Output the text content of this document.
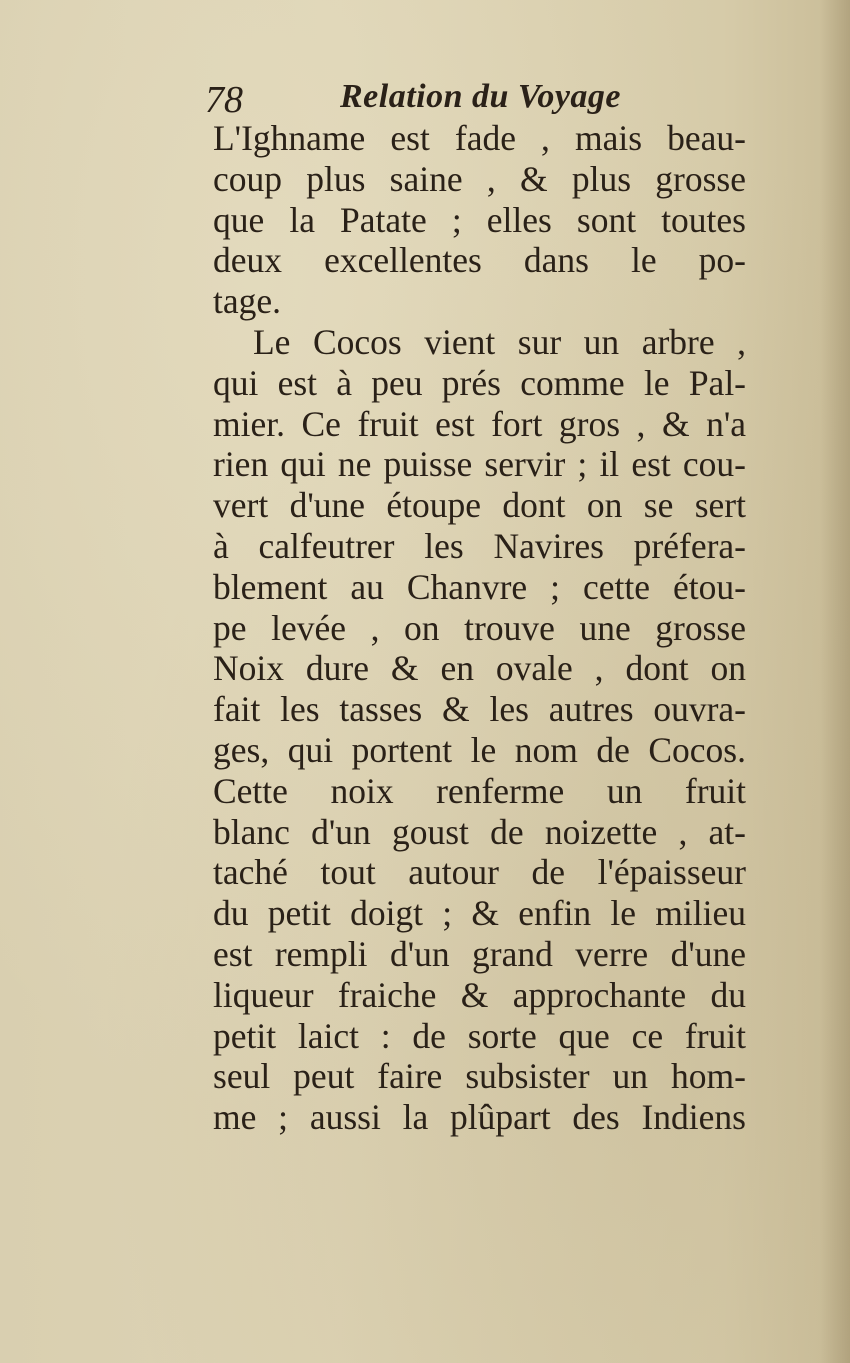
78	Relation du Voyage
L'Ighname est fade , mais beau-
coup plus saine , & plus grosse
que la Patate ; elles sont toutes
deux excellentes dans le po-
tage.
Le Cocos vient sur un arbre ,
qui est à peu prés comme le Pal-
mier. Ce fruit est fort gros , & n'a
rien qui ne puisse servir ; il est cou-
vert d'une étoupe dont on se sert
à calfeutrer les Navires préfera-
blement au Chanvre ; cette étou-
pe levée , on trouve une grosse
Noix dure & en ovale , dont on
fait les tasses & les autres ouvra-
ges, qui portent le nom de Cocos.
Cette noix renferme un fruit
blanc d'un goust de noizette , at-
taché tout autour de l'épaisseur
du petit doigt ; & enfin le milieu
est rempli d'un grand verre d'une
liqueur fraiche & approchante du
petit laict : de sorte que ce fruit
seul peut faire subsister un hom-
me ; aussi la plûpart des Indiens
